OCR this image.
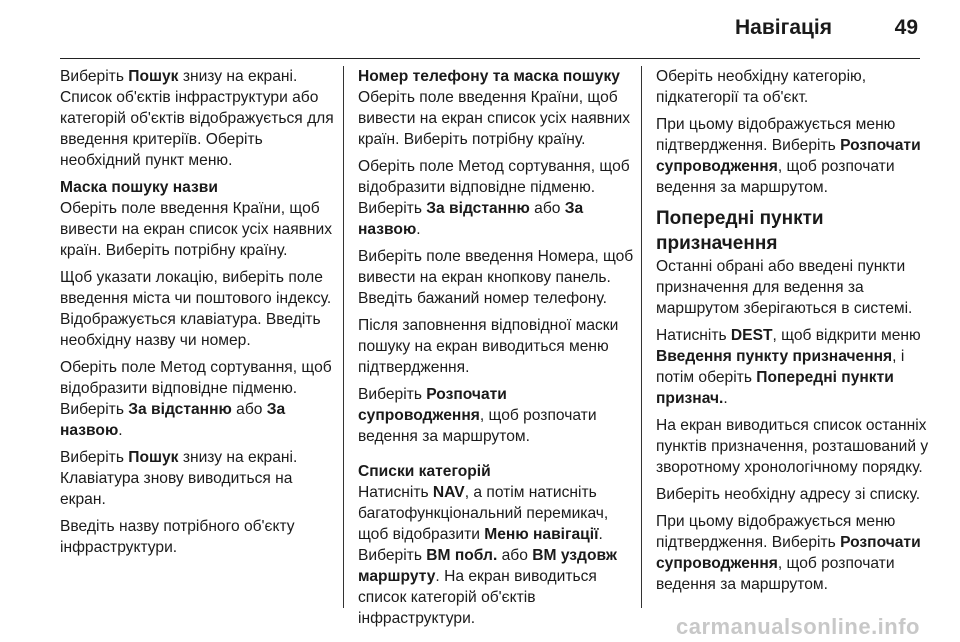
Навігація	49

Виберіть Пошук знизу на екрані. Список об'єктів інфраструктури або категорій об'єктів відображується для введення критеріїв. Оберіть необхідний пункт меню.

Маска пошуку назви

Оберіть поле введення Країни, щоб вивести на екран список усіх наявних країн. Виберіть потрібну країну.

Щоб указати локацію, виберіть поле введення міста чи поштового індексу. Відображується клавіатура. Введіть необхідну назву чи номер.

Оберіть поле Метод сортування, щоб відобразити відповідне підменю. Виберіть За відстанню або За назвою.

Виберіть Пошук знизу на екрані. Клавіатура знову виводиться на екран.

Введіть назву потрібного об'єкту інфраструктури.

Номер телефону та маска пошуку

Оберіть поле введення Країни, щоб вивести на екран список усіх наявних країн. Виберіть потрібну країну.

Оберіть поле Метод сортування, щоб відобразити відповідне підменю. Виберіть За відстанню або За назвою.

Виберіть поле введення Номера, щоб вивести на екран кнопкову панель. Введіть бажаний номер телефону.

Після заповнення відповідної маски пошуку на екран виводиться меню підтвердження.

Виберіть Розпочати супроводження, щоб розпочати ведення за маршрутом.

Списки категорій

Натисніть NAV, а потім натисніть багатофункціональний перемикач, щоб відобразити Меню навігації. Виберіть ВМ побл. або ВМ уздовж маршруту. На екран виводиться список категорій об'єктів інфраструктури.

Оберіть необхідну категорію, підкатегорії та об'єкт.

При цьому відображується меню підтвердження. Виберіть Розпочати супроводження, щоб розпочати ведення за маршрутом.

Попередні пункти призначення

Останні обрані або введені пункти призначення для ведення за маршрутом зберігаються в системі.

Натисніть DEST, щоб відкрити меню Введення пункту призначення, і потім оберіть Попередні пункти признач..

На екран виводиться список останніх пунктів призначення, розташований у зворотному хронологічному порядку.

Виберіть необхідну адресу зі списку.

При цьому відображується меню підтвердження. Виберіть Розпочати супроводження, щоб розпочати ведення за маршрутом.

carmanualsonline.info
